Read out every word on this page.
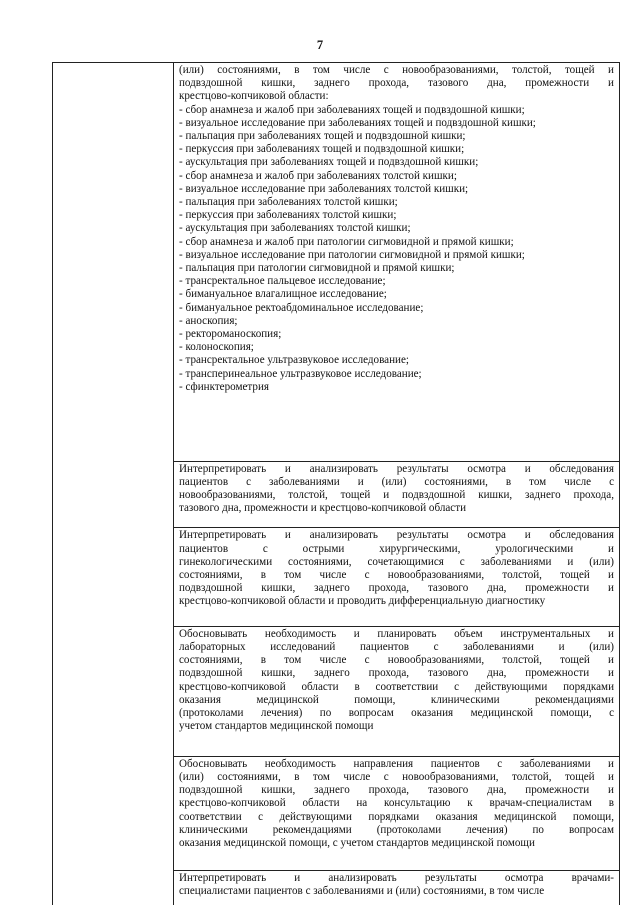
7

(или) состояниями, в том числе с новообразованиями, толстой, тощей и
подвздошной кишки, заднего прохода, тазового дна, промежности и
крестцово-копчиковой области:
- сбор анамнеза и жалоб при заболеваниях тощей и подвздошной кишки;
- визуальное исследование при заболеваниях тощей и подвздошной кишки;
- пальпация при заболеваниях тощей и подвздошной кишки;
- перкуссия при заболеваниях тощей и подвздошной кишки;
- аускультация при заболеваниях тощей и подвздошной кишки;
- сбор анамнеза и жалоб при заболеваниях толстой кишки;
- визуальное исследование при заболеваниях толстой кишки;
- пальпация при заболеваниях толстой кишки;
- перкуссия при заболеваниях толстой кишки;
- аускультация при заболеваниях толстой кишки;
- сбор анамнеза и жалоб при патологии сигмовидной и прямой кишки;
- визуальное исследование при патологии сигмовидной и прямой кишки;
- пальпация при патологии сигмовидной и прямой кишки;
- трансректальное пальцевое исследование;
- бимануальное влагалищное исследование;
- бимануальное ректоабдоминальное исследование;
- аноскопия;
- ректороманоскопия;
- колоноскопия;
- трансректальное ультразвуковое исследование;
- трансперинеальное ультразвуковое исследование;
- сфинктерометрия

Интерпретировать и анализировать результаты осмотра и обследования
пациентов с заболеваниями и (или) состояниями, в том числе с
новообразованиями, толстой, тощей и подвздошной кишки, заднего прохода,
тазового дна, промежности и крестцово-копчиковой области

Интерпретировать и анализировать результаты осмотра и обследования
пациентов с острыми хирургическими, урологическими и
гинекологическими состояниями, сочетающимися с заболеваниями и (или)
состояниями, в том числе с новообразованиями, толстой, тощей и
подвздошной кишки, заднего прохода, тазового дна, промежности и
крестцово-копчиковой области и проводить дифференциальную диагностику

Обосновывать необходимость и планировать объем инструментальных и
лабораторных исследований пациентов с заболеваниями и (или)
состояниями, в том числе с новообразованиями, толстой, тощей и
подвздошной кишки, заднего прохода, тазового дна, промежности и
крестцово-копчиковой области в соответствии с действующими порядками
оказания медицинской помощи, клиническими рекомендациями
(протоколами лечения) по вопросам оказания медицинской помощи, с
учетом стандартов медицинской помощи

Обосновывать необходимость направления пациентов с заболеваниями и
(или) состояниями, в том числе с новообразованиями, толстой, тощей и
подвздошной кишки, заднего прохода, тазового дна, промежности и
крестцово-копчиковой области на консультацию к врачам-специалистам в
соответствии с действующими порядками оказания медицинской помощи,
клиническими рекомендациями (протоколами лечения) по вопросам
оказания медицинской помощи, с учетом стандартов медицинской помощи

Интерпретировать и анализировать результаты осмотра врачами-
специалистами пациентов с заболеваниями и (или) состояниями, в том числе
